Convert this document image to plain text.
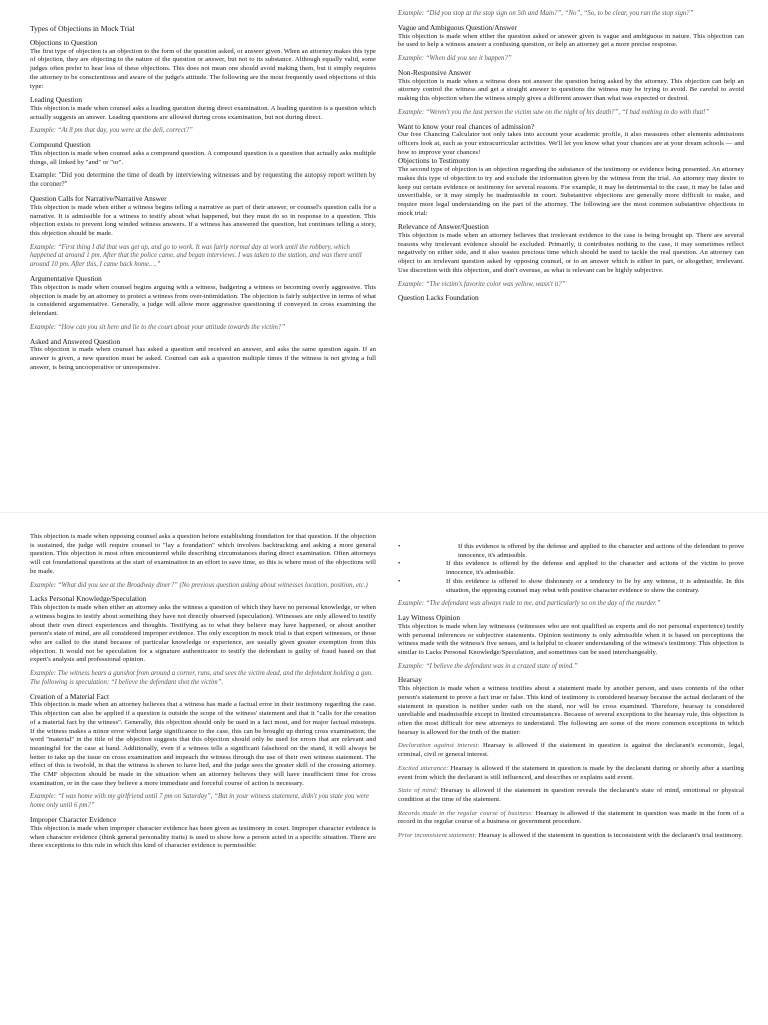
Types of Objections in Mock Trial
Objections to Question

The first type of objection is an objection to the form of the question asked, or answer given. When an attorney makes this type of objection, they are objecting to the nature of the question or answer, but not to its substance. Although equally valid, some judges often prefer to hear less of these objections. This does not mean one should avoid making them, but it simply requires the attorney to be conscientious and aware of the judge's attitude. The following are the most frequently used objections of this type:

Leading Question

This objection is made when counsel asks a leading question during direct examination. A leading question is a question which actually suggests an answer. Leading questions are allowed during cross examination, but not during direct.

Example: “At 8 pm that day, you were at the deli, correct?”

Compound Question

This objection is made when counsel asks a compound question. A compound question is a question that actually asks multiple things, all linked by "and" or "or".

Example: "Did you determine the time of death by interviewing witnesses and by requesting the autopsy report written by the coroner?"

Question Calls for Narrative/Narrative Answer

This objection is made when either a witness begins telling a narrative as part of their answer, or counsel's question calls for a narrative. It is admissible for a witness to testify about what happened, but they must do so in response to a question. This objection exists to prevent long winded witness answers. If a witness has answered the question, but continues telling a story, this objection should be made.

Example: “First thing I did that was get up, and go to work. It was fairly normal day at work until the robbery, which happened at around 1 pm. After that the police came, and began interviews. I was taken to the station, and was there until around 10 pm. After this, I came back home….”

Argumentative Question

This objection is made when counsel begins arguing with a witness, badgering a witness or becoming overly aggressive. This objection is made by an attorney to protect a witness from over-intimidation. The objection is fairly subjective in terms of what is considered argumentative. Generally, a judge will allow more aggressive questioning if conveyed in cross examining the defendant.

Example: “How can you sit here and lie to the court about your attitude towards the victim?”

Asked and Answered Question

This objection is made when counsel has asked a question and received an answer, and asks the same question again. If an answer is given, a new question must be asked. Counsel can ask a question multiple times if the witness is not giving a full answer, is being uncooperative or unresponsive.

Example: “Did you stop at the stop sign on 5th and Main?”, “No”, “So, to be clear, you ran the stop sign?”

Vague and Ambiguous Question/Answer

This objection is made when either the question asked or answer given is vague and ambiguous in nature. This objection can be used to help a witness answer a confusing question, or help an attorney get a more precise response.

Example: “When did you see it happen?”

Non-Responsive Answer

This objection is made when a witness does not answer the question being asked by the attorney. This objection can help an attorney control the witness and get a straight answer to questions the witness may be trying to avoid. Be careful to avoid making this objection when the witness simply gives a different answer than what was expected or desired.

Example: “Weren't you the last person the victim saw on the night of his death?”, “I had nothing to do with that!”

Want to know your real chances of admission?

Our free Chancing Calculator not only takes into account your academic profile, it also measures other elements admissions officers look at, such as your extracurricular activities. We'll let you know what your chances are at your dream schools — and how to improve your chances!

Objections to Testimony

The second type of objection is an objection regarding the substance of the testimony or evidence being presented. An attorney makes this type of objection to try and exclude the information given by the witness from the trial. An attorney may desire to keep out certain evidence or testimony for several reasons. For example, it may be detrimental to the case, it may be false and unverifiable, or it may simply be inadmissible in court. Substantive objections are generally more difficult to make, and require more legal understanding on the part of the attorney. The following are the most common substantive objections in mock trial:

Relevance of Answer/Question

This objection is made when an attorney believes that irrelevant evidence to the case is being brought up. There are several reasons why irrelevant evidence should be excluded. Primarily, it contributes nothing to the case, it may sometimes reflect negatively on either side, and it also wastes precious time which should be used to tackle the real question. An attorney can object to an irrelevant question asked by opposing counsel, or to an answer which is either in part, or altogether, irrelevant. Use discretion with this objection, and don't overuse, as what is relevant can be highly subjective.

Example: “The victim's favorite color was yellow, wasn't it?”

Question Lacks Foundation

This objection is made when opposing counsel asks a question before establishing foundation for that question. If the objection is sustained, the judge will require counsel to "lay a foundation" which involves backtracking and asking a more general question. This objection is most often encountered while describing circumstances during direct examination. Often attorneys will cut foundational questions at the start of examination in an effort to save time, so this is where most of the objections will be made.

Example: “What did you see at the Broadway diner?” (No previous question asking about witnesses location, position, etc.)

Lacks Personal Knowledge/Speculation

This objection is made when either an attorney asks the witness a question of which they have no personal knowledge, or when a witness begins to testify about something they have not directly observed (speculation). Witnesses are only allowed to testify about their own direct experiences and thoughts. Testifying as to what they believe may have happened, or about another person's state of mind, are all considered improper evidence. The only exception in mock trial is that expert witnesses, or those who are called to the stand because of particular knowledge or experience, are usually given greater exemption from this objection. It would not be speculation for a signature authenticator to testify the defendant is guilty of fraud based on that expert's analysis and professional opinion.

Example: The witness hears a gunshot from around a corner, runs, and sees the victim dead, and the defendant holding a gun. The following is speculation: “I believe the defendant shot the victim”.

Creation of a Material Fact

This objection is made when an attorney believes that a witness has made a factual error in their testimony regarding the case. This objection can also be applied if a question is outside the scope of the witness' statement and that it "calls for the creation of a material fact by the witness". Generally, this objection should only be used in a fact most, and for major factual missteps. If the witness makes a minor error without large significance to the case, this can be brought up during cross examination; the word "material" in the title of the objection suggests that this objection should only be used for errors that are relevant and meaningful for the case at hand. Additionally, even if a witness tells a significant falsehood on the stand, it will always be better to take up the issue on cross examination and impeach the witness through the use of their own witness statement. The effect of this is twofold, in that the witness is shown to have lied, and the judge sees the greater skill of the crossing attorney. The CMF objection should be made in the situation when an attorney believes they will have insufficient time for cross examination, or in the case they believe a more immediate and forceful course of action is necessary.

Example: “I was home with my girlfriend until 7 pm on Saturday”, “But in your witness statement, didn't you state you were home only until 6 pm?”

Improper Character Evidence

This objection is made when improper character evidence has been given as testimony in court. Improper character evidence is when character evidence (think general personality traits) is used to show how a person acted in a specific situation. There are three exceptions to this rule in which this kind of character evidence is permissible:

•	If this evidence is offered by the defense and applied to the character and actions of the defendant to prove innocence, it's admissible.
•	If this evidence is offered by the defense and applied to the character and actions of the victim to prove innocence, it's admissible.
•	If this evidence is offered to show dishonesty or a tendency to lie by any witness, it is admissible. In this situation, the opposing counsel may rebut with positive character evidence to show the contrary.

Example: “The defendant was always rude to me, and particularly so on the day of the murder.”

Lay Witness Opinion

This objection is made when lay witnesses (witnesses who are not qualified as experts and do not personal experience) testify with personal inferences or subjective statements. Opinion testimony is only admissible when it is based on perceptions the witness made with the witness's five senses, and is helpful to clearer understanding of the witness's testimony. This objection is similar to Lacks Personal Knowledge/Speculation, and sometimes can be used interchangeably.

Example: “I believe the defendant was in a crazed state of mind.”

Hearsay

This objection is made when a witness testifies about a statement made by another person, and uses contents of the other person's statement to prove a fact true or false. This kind of testimony is considered hearsay because the actual declarant of the statement in question is neither under oath on the stand, nor will be cross examined. Therefore, hearsay is considered unreliable and inadmissible except in limited circumstances. Because of several exceptions to the hearsay rule, this objection is often the most difficult for new attorneys to understand. The following are some of the more common exceptions in which hearsay is allowed for the truth of the matter:

Declaration against interest: Hearsay is allowed if the statement in question is against the declarant's economic, legal, criminal, civil or general interest.

Excited utterance: Hearsay is allowed if the statement in question is made by the declarant during or shortly after a startling event from which the declarant is still influenced, and describes or explains said event.

State of mind: Hearsay is allowed if the statement in question reveals the declarant's state of mind, emotional or physical condition at the time of the statement.

Records made in the regular course of business: Hearsay is allowed if the statement in question was made in the form of a record in the regular course of a business or government procedure.

Prior inconsistent statement: Hearsay is allowed if the statement in question is inconsistent with the declarant's trial testimony.
